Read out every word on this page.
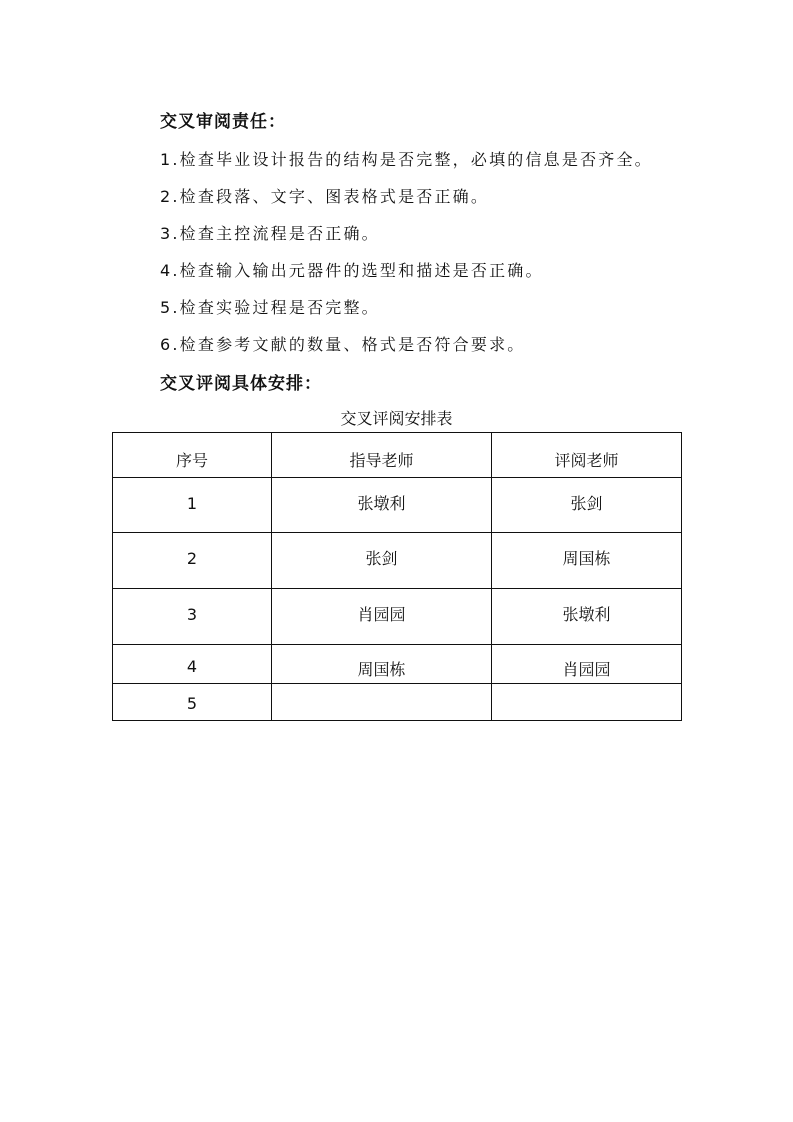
交叉审阅责任：
1.检查毕业设计报告的结构是否完整，必填的信息是否齐全。
2.检查段落、文字、图表格式是否正确。
3.检查主控流程是否正确。
4.检查输入输出元器件的选型和描述是否正确。
5.检查实验过程是否完整。
6.检查参考文献的数量、格式是否符合要求。
交叉评阅具体安排：
交叉评阅安排表
序号	指导老师	评阅老师

1	张墩利	张剑

2	张剑	周国栋

3	肖园园	张墩利

4	周国栋	肖园园

5		
